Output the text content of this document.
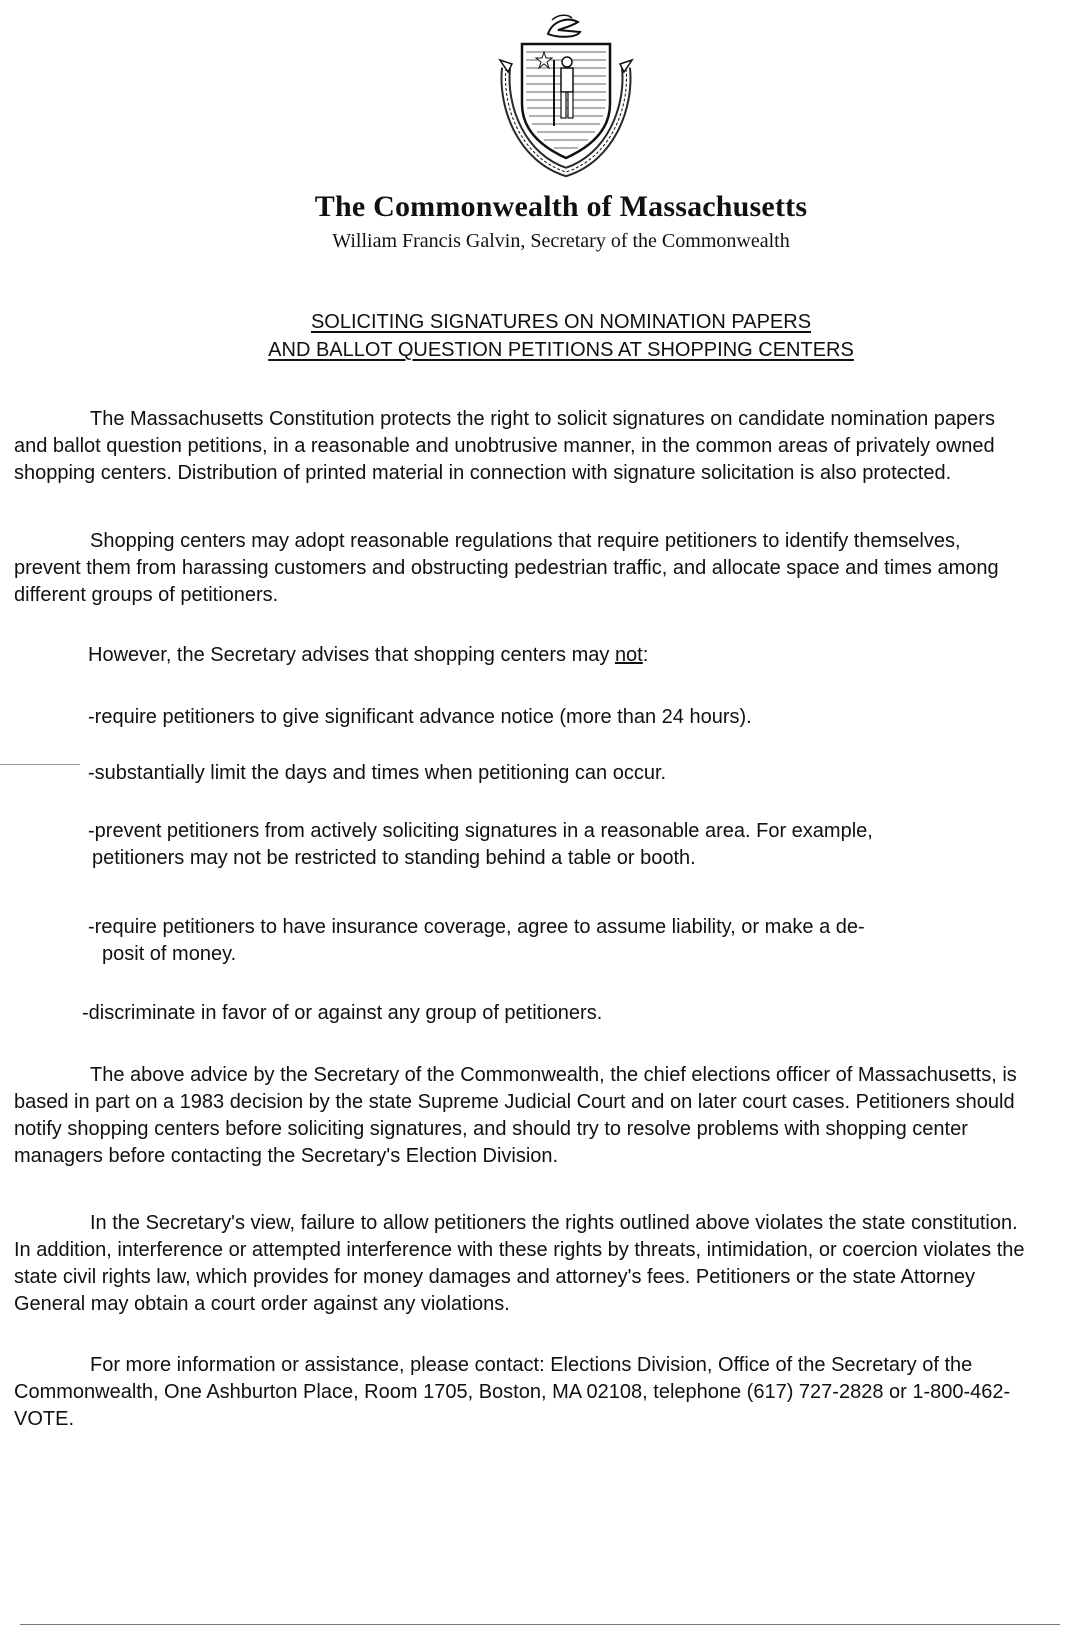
The Commonwealth of Massachusetts
William Francis Galvin, Secretary of the Commonwealth
SOLICITING SIGNATURES ON NOMINATION PAPERS
AND BALLOT QUESTION PETITIONS AT SHOPPING CENTERS
The Massachusetts Constitution protects the right to solicit signatures on candidate nomination papers and ballot question petitions, in a reasonable and unobtrusive manner, in the common areas of privately owned shopping centers. Distribution of printed material in connection with signature solicitation is also protected.
Shopping centers may adopt reasonable regulations that require petitioners to identify themselves, prevent them from harassing customers and obstructing pedestrian traffic, and allocate space and times among different groups of petitioners.
However, the Secretary advises that shopping centers may not:
-require petitioners to give significant advance notice (more than 24 hours).
-substantially limit the days and times when petitioning can occur.
-prevent petitioners from actively soliciting signatures in a reasonable area. For example,
petitioners may not be restricted to standing behind a table or booth.
-require petitioners to have insurance coverage, agree to assume liability, or make a de-
posit of money.
-discriminate in favor of or against any group of petitioners.
The above advice by the Secretary of the Commonwealth, the chief elections officer of Massachusetts, is based in part on a 1983 decision by the state Supreme Judicial Court and on later court cases. Petitioners should notify shopping centers before soliciting signatures, and should try to resolve problems with shopping center managers before contacting the Secretary's Election Division.
In the Secretary's view, failure to allow petitioners the rights outlined above violates the state constitution. In addition, interference or attempted interference with these rights by threats, intimidation, or coercion violates the state civil rights law, which provides for money damages and attorney's fees. Petitioners or the state Attorney General may obtain a court order against any violations.
For more information or assistance, please contact: Elections Division, Office of the Secretary of the Commonwealth, One Ashburton Place, Room 1705, Boston, MA 02108, telephone (617) 727-2828 or 1-800-462-VOTE.
